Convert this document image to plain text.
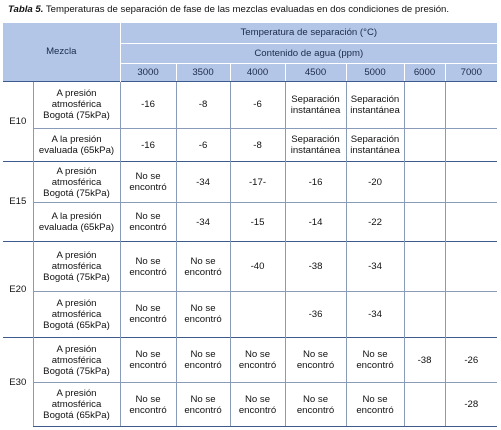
Tabla 5. Temperaturas de separación de fase de las mezclas evaluadas en dos condiciones de presión.
Mezcla		Temperatura de separación (°C)						
		Contenido de agua (ppm)						
		3000	3500	4000	4500	5000	6000	7000
E10	A presión
atmosférica
Bogotá (75kPa)	-16	-8	-6	Separación instantánea	Separación instantánea		

	A la presión
evaluada (65kPa)	-16	-6	-8	Separación instantánea	Separación instantánea		
E15	A presión
atmosférica
Bogotá (75kPa)	No se encontró	-34	-17-	-16	-20		

	A la presión
evaluada (65kPa)	No se encontró	-34	-15	-14	-22		
E20	A presión
atmosférica
Bogotá (75kPa)	No se encontró	No se encontró	-40	-38	-34		

	A presión
atmosférica
Bogotá (65kPa)	No se encontró	No se encontró		-36	-34		
E30	A presión
atmosférica
Bogotá (75kPa)	No se encontró	No se encontró	No se encontró	No se encontró	No se encontró	-38	-26

	A presión
atmosférica
Bogotá (65kPa)	No se encontró	No se encontró	No se encontró	No se encontró	No se encontró		-28
